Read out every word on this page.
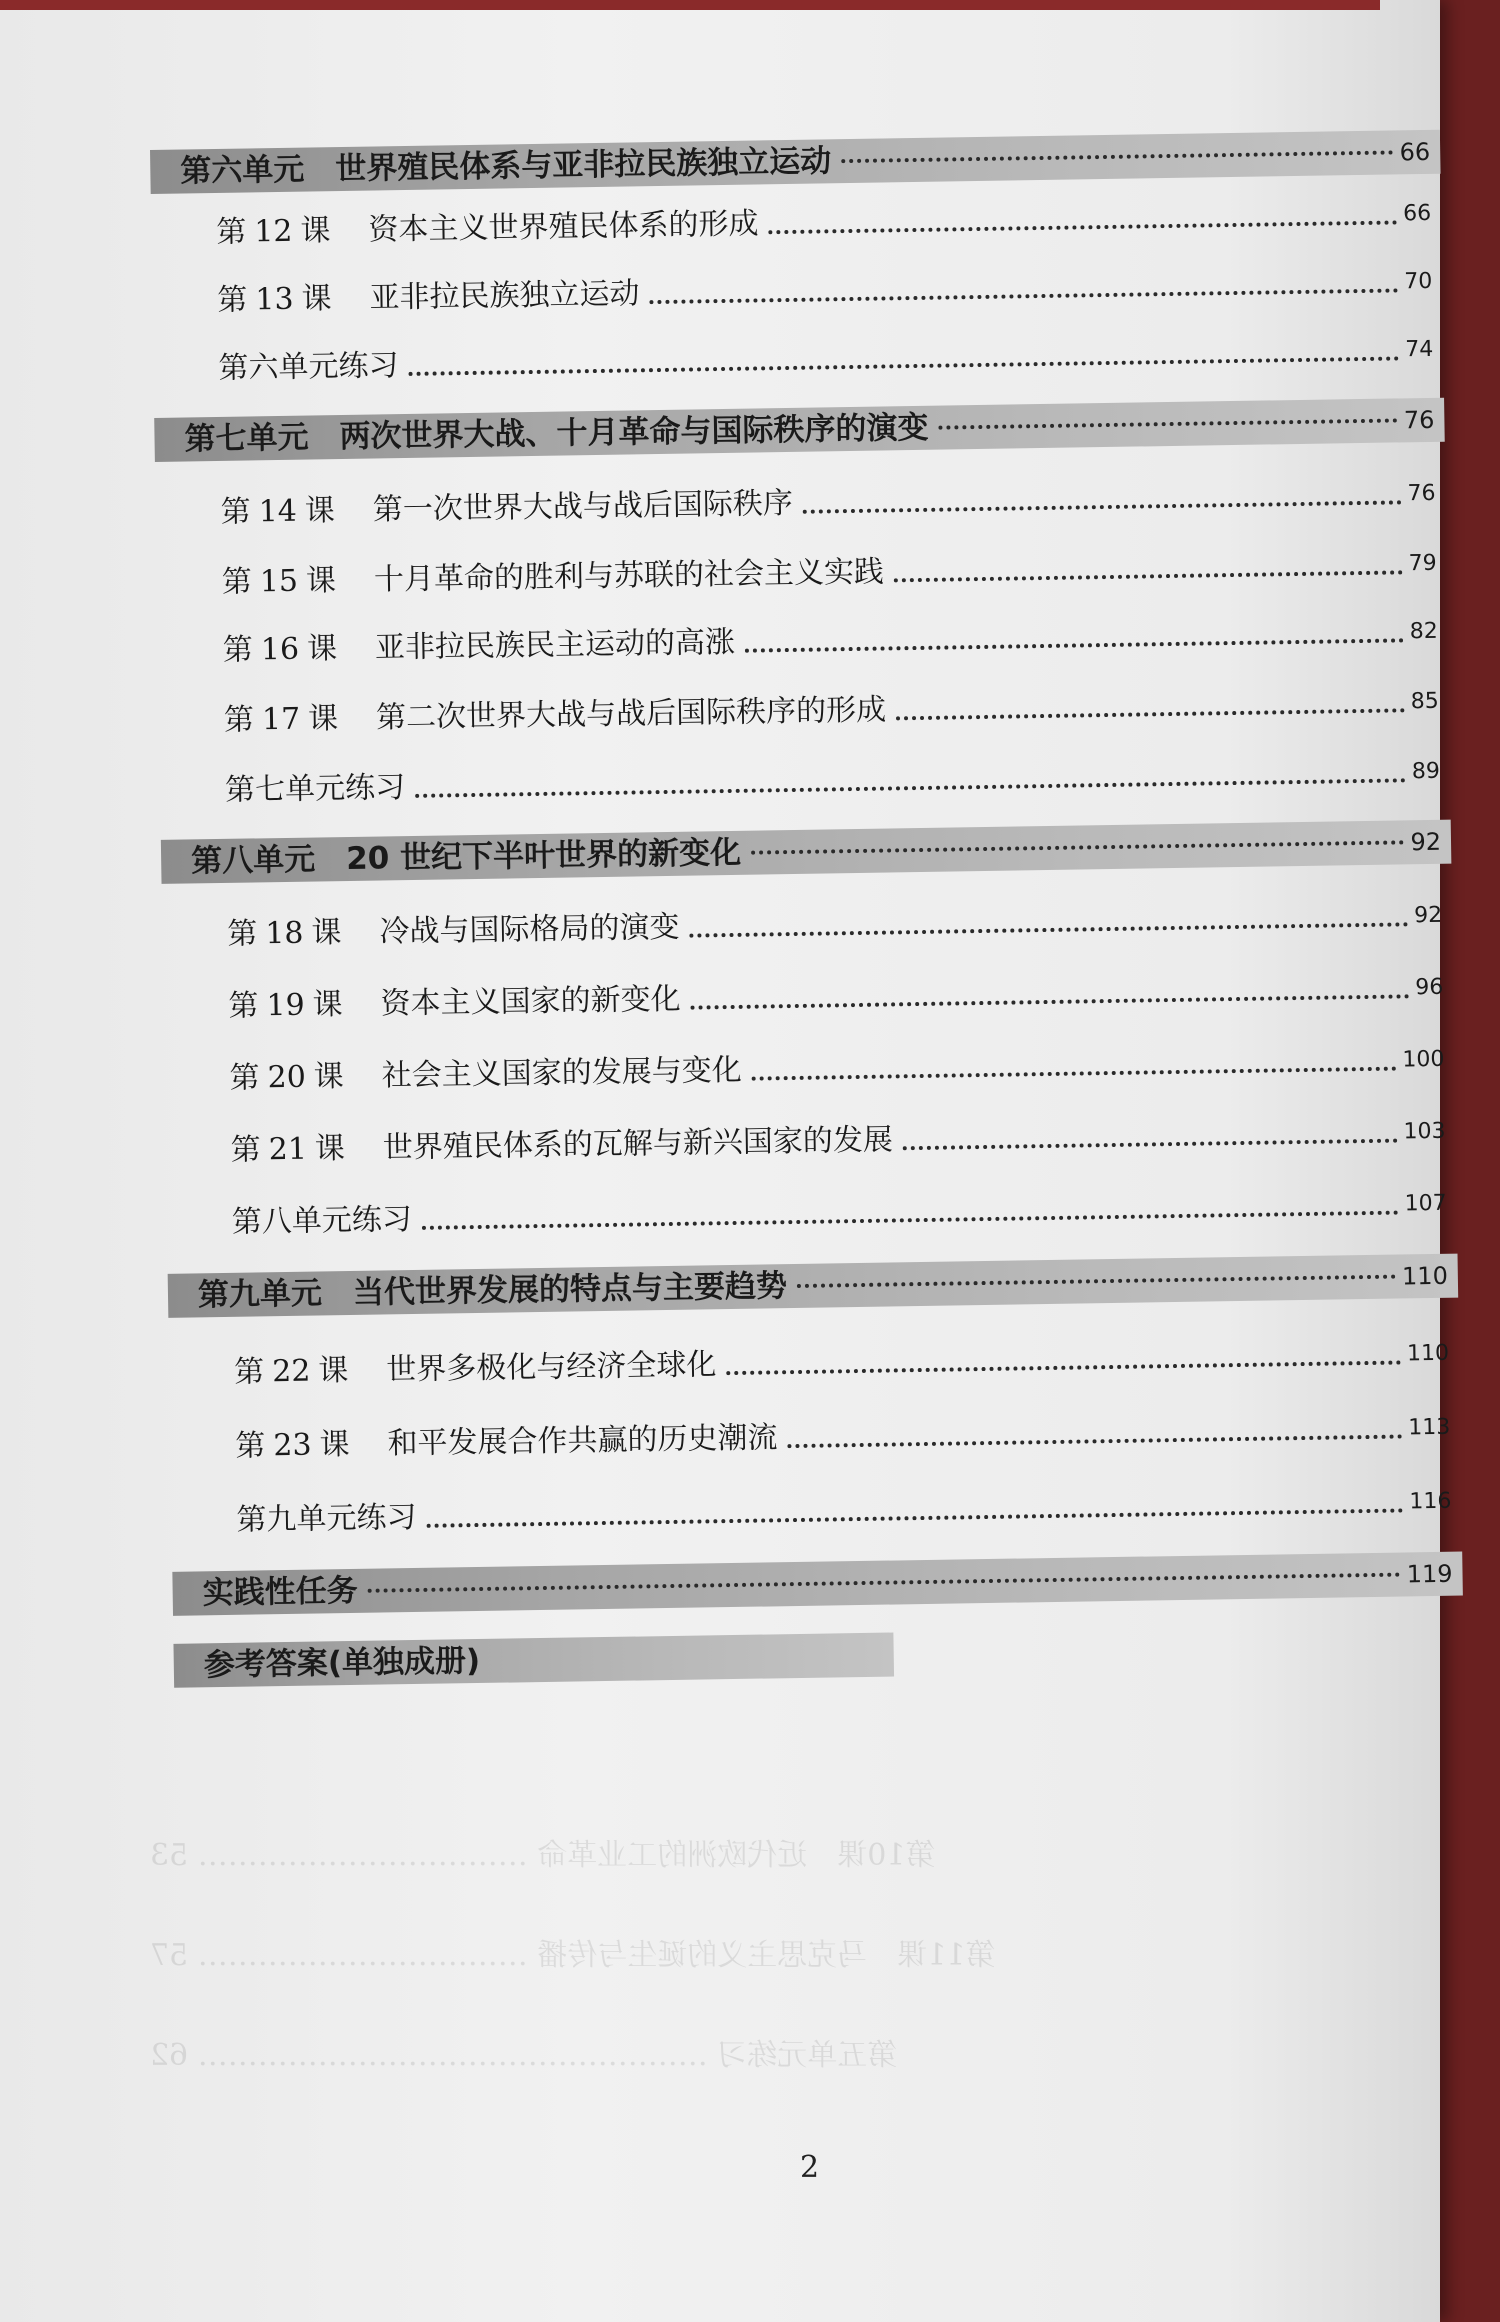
第10课　近代欧洲的工业革命 …………………………… 53
第11课　马克思主义的诞生与传播 …………………………… 57
第五单元练习 …………………………………………… 62
第六单元　世界殖民体系与亚非拉民族独立运动	66
第 12 课 资本主义世界殖民体系的形成	66
第 13 课 亚非拉民族独立运动	70
第六单元练习	74
第七单元　两次世界大战、十月革命与国际秩序的演变	76
第 14 课 第一次世界大战与战后国际秩序	76
第 15 课 十月革命的胜利与苏联的社会主义实践	79
第 16 课 亚非拉民族民主运动的高涨	82
第 17 课 第二次世界大战与战后国际秩序的形成	85
第七单元练习	89
第八单元　20 世纪下半叶世界的新变化	92
第 18 课 冷战与国际格局的演变	92
第 19 课 资本主义国家的新变化	96
第 20 课 社会主义国家的发展与变化	100
第 21 课 世界殖民体系的瓦解与新兴国家的发展	103
第八单元练习	107
第九单元　当代世界发展的特点与主要趋势	110
第 22 课 世界多极化与经济全球化	110
第 23 课 和平发展合作共赢的历史潮流	113
第九单元练习	116
实践性任务	119
参考答案(单独成册)
2
